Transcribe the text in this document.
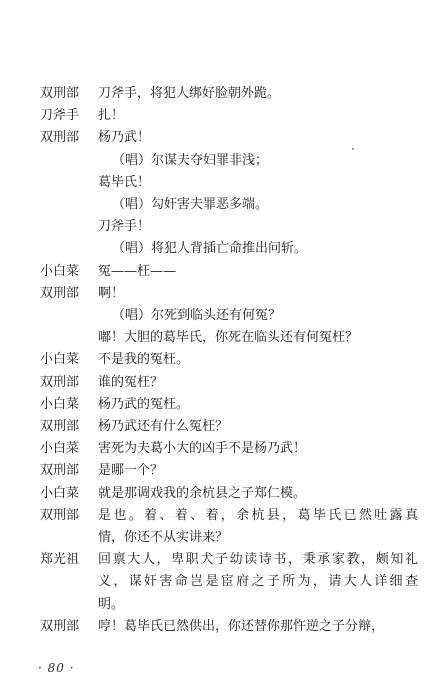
双刑部	刀斧手，将犯人绑好脸朝外跪。
刀斧手	扎！
双刑部	杨乃武！
（唱）尔谋夫夺妇罪非浅；
葛毕氏！
（唱）勾奸害夫罪恶多端。
刀斧手！
（唱）将犯人背插亡命推出问斩。
小白菜	冤——枉——
双刑部	啊！
（唱）尔死到临头还有何冤？
嘟！大胆的葛毕氏，你死在临头还有何冤枉？
小白菜	不是我的冤枉。
双刑部	谁的冤枉？
小白菜	杨乃武的冤枉。
双刑部	杨乃武还有什么冤枉？
小白菜	害死为夫葛小大的凶手不是杨乃武！
双刑部	是哪一个？
小白菜	就是那调戏我的余杭县之子郑仁模。
双刑部	是也。着、着、着，余杭县，葛毕氏已然吐露真
情，你还不从实讲来？
郑光祖	回禀大人，卑职犬子幼读诗书，秉承家教，颇知礼
义，谋奸害命岂是宦府之子所为，请大人详细查
明。
双刑部	哼！葛毕氏已然供出，你还替你那忤逆之子分辩，
· 80 ·
